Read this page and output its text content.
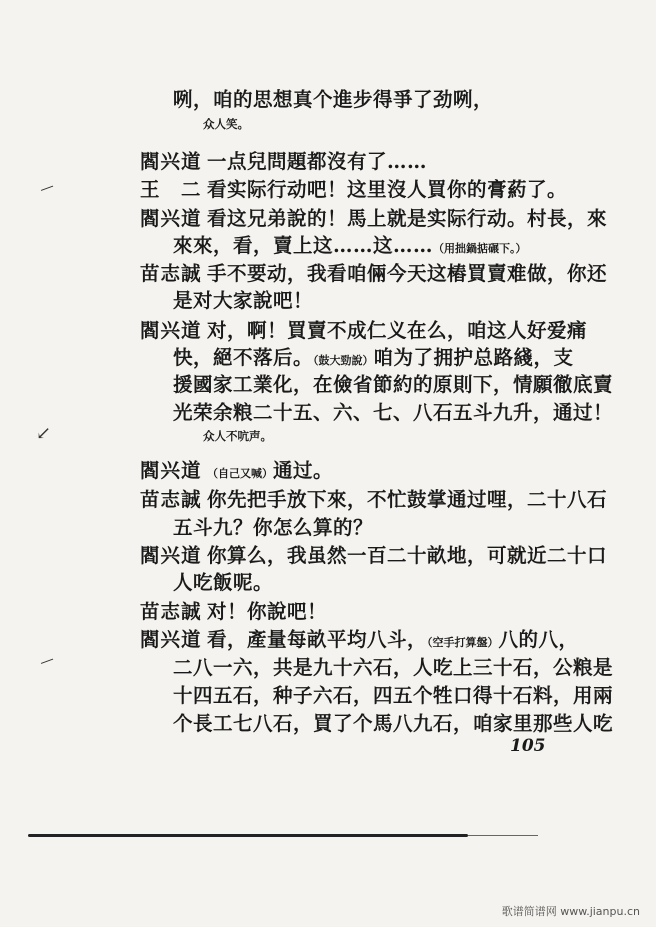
咧，咱的思想真个進步得爭了劲咧，
众人笑。
閻兴道 一点兒問題都沒有了……
王　二 看实际行动吧！这里沒人買你的膏葯了。
閻兴道 看这兄弟說的！馬上就是实际行动。村長，來
來來，看，賣上这……这……（用拙鍋掂碾下。）
苗志誠 手不要动，我看咱倆今天这樁買賣难做，你还
是对大家說吧！
閻兴道 对，啊！買賣不成仁义在么，咱这人好爱痛
快，絕不落后。（鼓大勁說）咱为了拥护总路綫，支
援國家工業化，在儉省節約的原則下，情願徹底賣
光荣余粮二十五、六、七、八石五斗九升，通过！
众人不吭声。
閻兴道 （自己又喊）通过。
苗志誠 你先把手放下來，不忙鼓掌通过哩，二十八石
五斗九？你怎么算的？
閻兴道 你算么，我虽然一百二十畝地，可就近二十口
人吃飯呢。
苗志誠 对！你說吧！
閻兴道 看，產量每畝平均八斗，（空手打算盤）八的八，
二八一六，共是九十六石，人吃上三十石，公粮是
十四五石，种子六石，四五个牲口得十石料，用兩
个長工七八石，買了个馬八九石，咱家里那些人吃
105
—
↙
—
歌谱简谱网 www.jianpu.cn
